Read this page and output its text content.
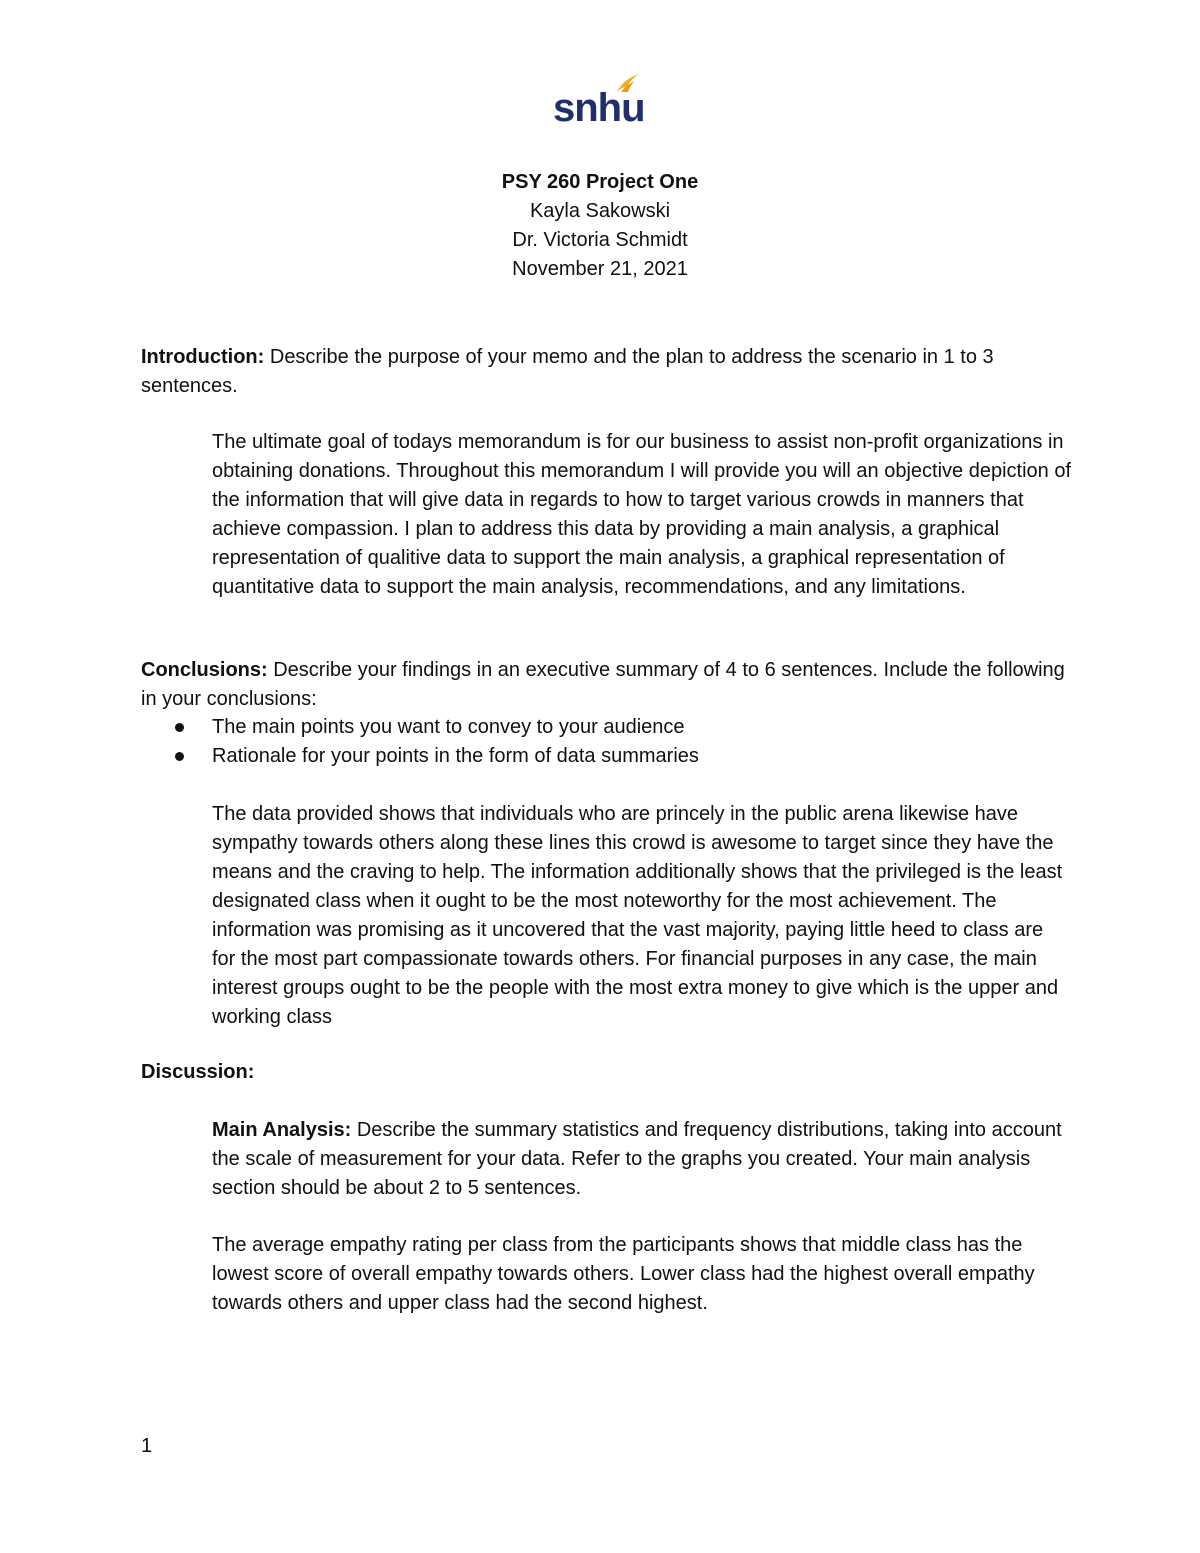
snhu

PSY 260 Project One

Kayla Sakowski

Dr. Victoria Schmidt

November 21, 2021

Introduction: Describe the purpose of your memo and the plan to address the scenario in 1 to 3 sentences.

The ultimate goal of todays memorandum is for our business to assist non-profit organizations in obtaining donations. Throughout this memorandum I will provide you will an objective depiction of the information that will give data in regards to how to target various crowds in manners that achieve compassion. I plan to address this data by providing a main analysis, a graphical representation of qualitive data to support the main analysis, a graphical representation of quantitative data to support the main analysis, recommendations, and any limitations.

Conclusions: Describe your findings in an executive summary of 4 to 6 sentences. Include the following in your conclusions:
The main points you want to convey to your audience
Rationale for your points in the form of data summaries

The data provided shows that individuals who are princely in the public arena likewise have sympathy towards others along these lines this crowd is awesome to target since they have the means and the craving to help. The information additionally shows that the privileged is the least designated class when it ought to be the most noteworthy for the most achievement. The information was promising as it uncovered that the vast majority, paying little heed to class are for the most part compassionate towards others. For financial purposes in any case, the main interest groups ought to be the people with the most extra money to give which is the upper and working class

Discussion:
Main Analysis: Describe the summary statistics and frequency distributions, taking into account the scale of measurement for your data. Refer to the graphs you created. Your main analysis section should be about 2 to 5 sentences.

The average empathy rating per class from the participants shows that middle class has the lowest score of overall empathy towards others. Lower class had the highest overall empathy towards others and upper class had the second highest.

1
